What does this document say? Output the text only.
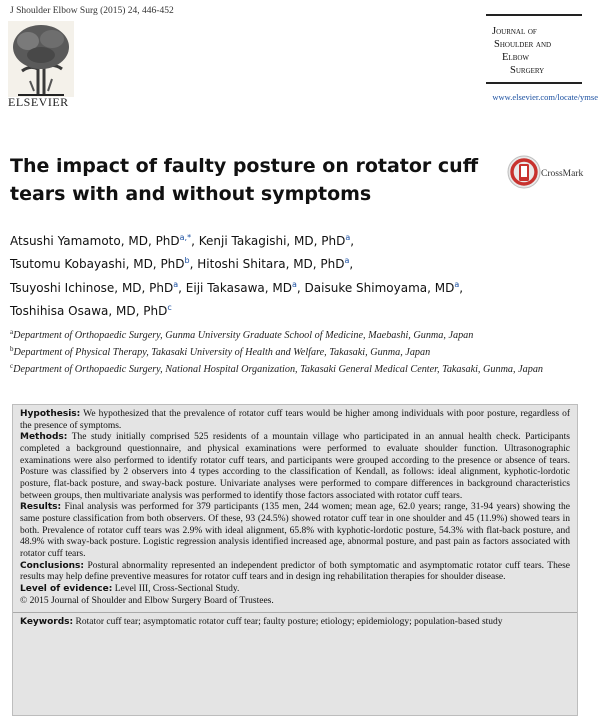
J Shoulder Elbow Surg (2015) 24, 446-452
ELSEVIER
Journal of
Shoulder and
Elbow
Surgery
www.elsevier.com/locate/ymse
The impact of faulty posture on rotator cuff tears with and without symptoms
CrossMark
Atsushi Yamamoto, MD, PhD$^{a,*}$, Kenji Takagishi, MD, PhD$^a$,
Tsutomu Kobayashi, MD, PhD$^b$, Hitoshi Shitara, MD, PhD$^a$,
Tsuyoshi Ichinose, MD, PhD$^a$, Eiji Takasawa, $MD^a$, Daisuke Shimoyama, $MD^a$,
Toshihisa Osawa, MD, PhD$^c$
$^a$Department of Orthopaedic Surgery, Gunma University Graduate School of Medicine, Maebashi, Gunma, Japan
$^b$Department of Physical Therapy, Takasaki University of Health and Welfare, Takasaki, Gunma, Japan
$^c$Department of Orthopaedic Surgery, National Hospital Organization, Takasaki General Medical Center, Takasaki, Gunma, Japan

Hypothesis: We hypothesized that the prevalence of rotator cuff tears would be higher among individuals with poor posture, regardless of the presence of symptoms.

Methods: The study initially comprised 525 residents of a mountain village who participated in an annual health check. Participants completed a background questionnaire, and physical examinations were performed to evaluate shoulder function. Ultrasonographic examinations were also performed to identify rotator cuff tears, and participants were grouped according to the presence or absence of tears. Posture was classified by 2 observers into 4 types according to the classification of Kendall, as follows: ideal alignment, kyphotic-lordotic posture, flat-back posture, and sway-back posture. Univariate analyses were performed to compare differences in background characteristics between groups, then multivariate analysis was performed to identify those factors associated with rotator cuff tears.

Results: Final analysis was performed for 379 participants (135 men, 244 women; mean age, 62.0 years; range, 31-94 years) showing the same posture classification from both observers. Of these, 93 (24.5%) showed rotator cuff tear in one shoulder and 45 (11.9%) showed tears in both. Prevalence of rotator cuff tears was 2.9% with ideal alignment, 65.8% with kyphotic-lordotic posture, 54.3% with flat-back posture, and 48.9% with sway-back posture. Logistic regression analysis identified increased age, abnormal posture, and past pain as factors associated with rotator cuff tears.

Conclusions: Postural abnormality represented an independent predictor of both symptomatic and asymptomatic rotator cuff tears. These results may help define preventive measures for rotator cuff tears and in design ing rehabilitation therapies for shoulder disease.

Level of evidence: Level III, Cross-Sectional Study.

© 2015 Journal of Shoulder and Elbow Surgery Board of Trustees.

Keywords: Rotator cuff tear; asymptomatic rotator cuff tear; faulty posture; etiology; epidemiology; population-based study
